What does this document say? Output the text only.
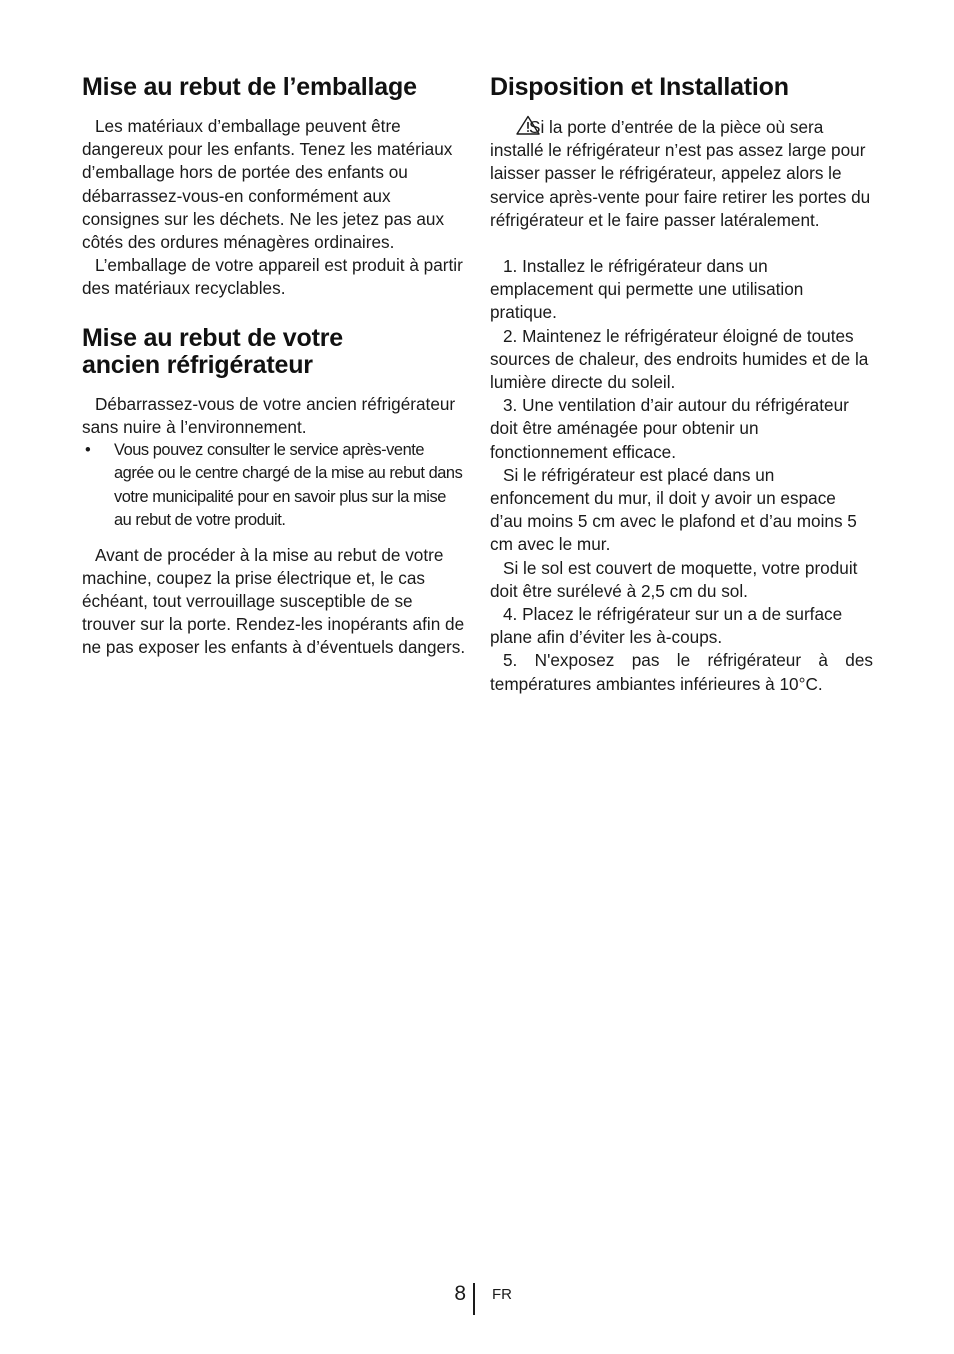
Mise au rebut de l’emballage

Les matériaux d’emballage peuvent être dangereux pour les enfants. Tenez les matériaux d’emballage hors de portée des enfants ou débarrassez-vous-en conformément aux consignes sur les déchets. Ne les jetez pas aux côtés des ordures ménagères ordinaires.

L’emballage de votre appareil est produit à partir des matériaux recyclables.

Mise au rebut de votre
ancien réfrigérateur

Débarrassez-vous de votre ancien réfrigérateur sans nuire à l’environnement.

• Vous pouvez consulter le service après-vente agrée ou le centre chargé de la mise au rebut dans votre municipalité pour en savoir plus sur la mise au rebut de votre produit.

Avant de procéder à la mise au rebut de votre machine, coupez la prise électrique et, le cas échéant, tout verrouillage susceptible de se trouver sur la porte. Rendez-les inopérants afin de ne pas exposer les enfants à d’éventuels dangers.

Disposition et Installation

Si la porte d’entrée de la pièce où sera installé le réfrigérateur n’est pas assez large pour laisser passer le réfrigérateur, appelez alors le service après-vente pour faire retirer les portes du réfrigérateur et le faire passer latéralement.

1. Installez le réfrigérateur dans un emplacement qui permette une utilisation pratique.

2. Maintenez le réfrigérateur éloigné de toutes sources de chaleur, des endroits humides et de la lumière directe du soleil.

3. Une ventilation d’air autour du réfrigérateur doit être aménagée pour obtenir un fonctionnement efficace.

Si le réfrigérateur est placé dans un enfoncement du mur, il doit y avoir un espace d’au moins 5 cm avec le plafond et d’au moins 5 cm avec le mur.

Si le sol est couvert de moquette, votre produit doit être surélevé à 2,5 cm du sol.

4. Placez le réfrigérateur sur un a de surface plane afin d’éviter les à-coups.

5. N'exposez pas le réfrigérateur à des

températures ambiantes inférieures à 10°C.

8 FR
